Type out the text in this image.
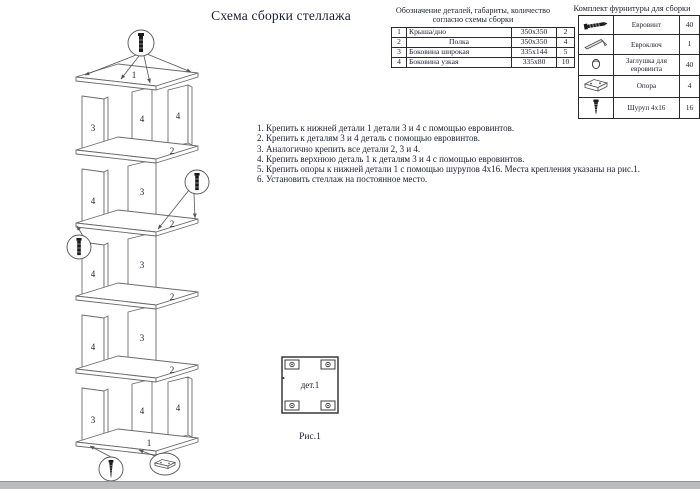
Схема сборки стеллажа	Обозначение деталей, габариты, количество
согласно схемы сборки
1	Крыша/дно	350х350	2
2	Полка	350х350	4
3	Боковина широкая	335х144	5
4	Боковина узкая	335х80	10
Комплект фурнитуры для сборки
	Евровинт	40
	Евроключ	1
	Заглушка для евровинта	40
	Опора	4
	Шуруп 4х16	16
1. Крепить к нижней детали 1 детали 3 и 4 с помощью евровинтов.
2. Крепить к деталям 3 и 4 деталь с помощью евровинтов.
3. Аналогично крепить все детали 2, 3 и 4.
4. Крепить верхнюю деталь 1 к деталям 3 и 4 с помощью евровинтов.
5. Крепить опоры к нижней детали 1 с помощью шурупов 4х16. Места крепления указаны на рис.1.
6. Установить стеллаж на постоянное место.
1
3
4	4
2
4
3
2
4
3
2
4
3
2
3
4	4
1
дет.1
Рис.1
